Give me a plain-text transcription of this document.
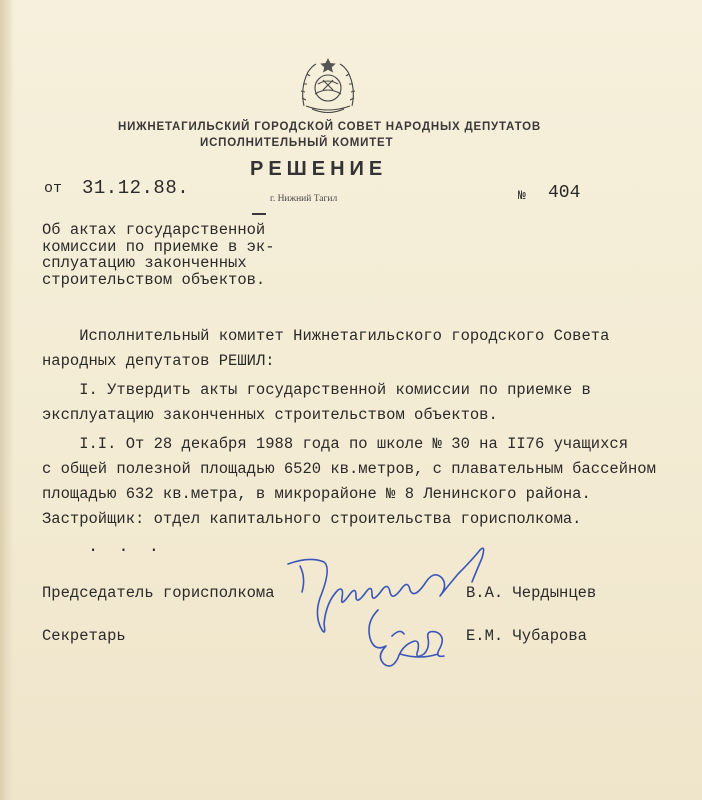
НИЖНЕТАГИЛЬСКИЙ ГОРОДСКОЙ СОВЕТ НАРОДНЫХ ДЕПУТАТОВ
ИСПОЛНИТЕЛЬНЫЙ КОМИТЕТ
РЕШЕНИЕ
от 31.12.88.	г. Нижний Тагил	№ 404
Об актах государственной
комиссии по приемке в эк-
сплуатацию законченных
строительством объектов.
Исполнительный комитет Нижнетагильского городского Совета
народных депутатов РЕШИЛ:
I. Утвердить акты государственной комиссии по приемке в
эксплуатацию законченных строительством объектов.
I.I. От 28 декабря 1988 года по школе № 30 на II76 учащихся
с общей полезной площадью 6520 кв.метров, с плавательным бассейном
площадью 632 кв.метра, в микрорайоне № 8 Ленинского района.
Застройщик: отдел капитального строительства горисполкома.
. . .
Председатель горисполкома	В.А. Чердынцев
Секретарь	Е.М. Чубарова
